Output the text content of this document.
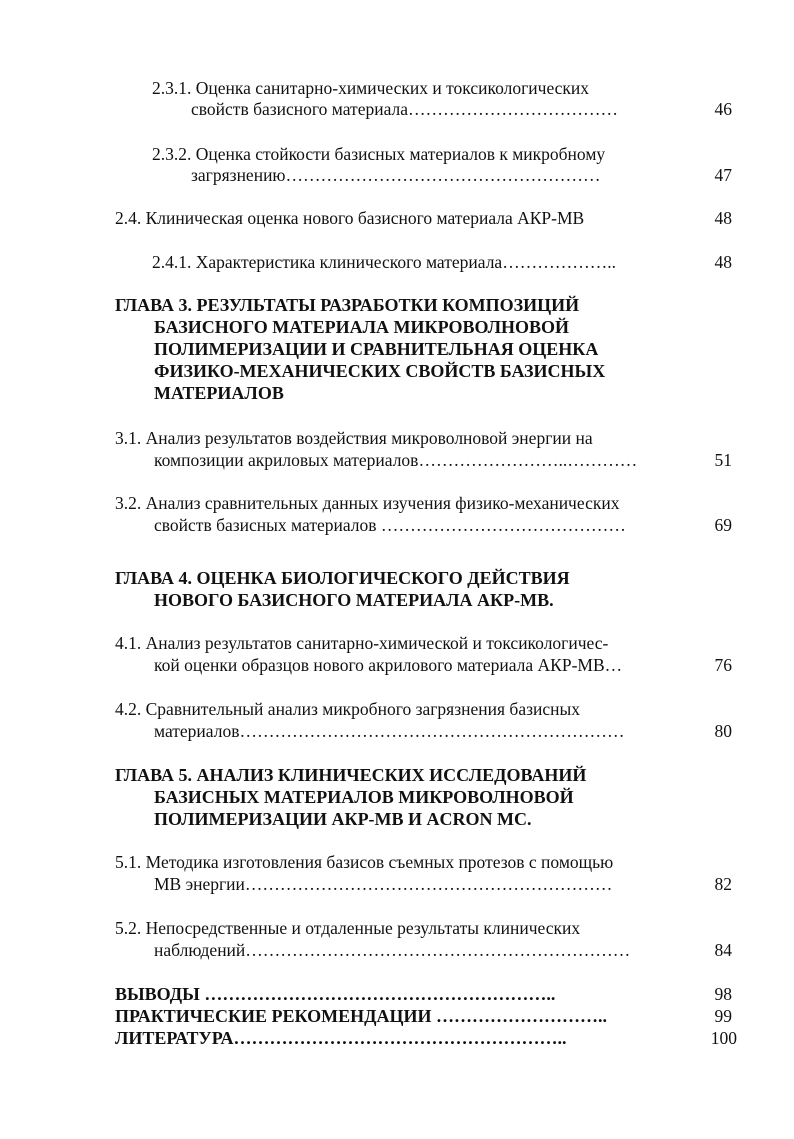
2.3.1. Оценка санитарно-химических и токсикологических
свойств базисного материала………………………………	46
2.3.2. Оценка стойкости базисных материалов к микробному
загрязнению………………………………………………	47
2.4. Клиническая оценка нового базисного материала АКР-МВ	48
2.4.1. Характеристика клинического материала………………..	48
ГЛАВА 3. РЕЗУЛЬТАТЫ РАЗРАБОТКИ КОМПОЗИЦИЙ
БАЗИСНОГО МАТЕРИАЛА МИКРОВОЛНОВОЙ
ПОЛИМЕРИЗАЦИИ И СРАВНИТЕЛЬНАЯ ОЦЕНКА
ФИЗИКО-МЕХАНИЧЕСКИХ СВОЙСТВ БАЗИСНЫХ
МАТЕРИАЛОВ
3.1. Анализ результатов воздействия микроволновой энергии на
композиции акриловых материалов……………………..…………	51
3.2. Анализ сравнительных данных изучения физико-механических
свойств базисных материалов ……………………………………	69
ГЛАВА 4. ОЦЕНКА БИОЛОГИЧЕСКОГО ДЕЙСТВИЯ
НОВОГО БАЗИСНОГО МАТЕРИАЛА АКР-МВ.
4.1. Анализ результатов санитарно-химической и токсикологичес-
кой оценки образцов нового акрилового материала АКР-МВ…	76
4.2. Сравнительный анализ микробного загрязнения базисных
материалов…………………………………………………………	80
ГЛАВА 5. АНАЛИЗ КЛИНИЧЕСКИХ ИССЛЕДОВАНИЙ
БАЗИСНЫХ МАТЕРИАЛОВ МИКРОВОЛНОВОЙ
ПОЛИМЕРИЗАЦИИ АКР-МВ И ACRON MC.
5.1. Методика изготовления базисов съемных протезов с помощью
МВ энергии………………………………………………………	82
5.2. Непосредственные и отдаленные результаты клинических
наблюдений…………………………………………………………	84
ВЫВОДЫ …………………………………………………..	98
ПРАКТИЧЕСКИЕ РЕКОМЕНДАЦИИ ………………………..	99
ЛИТЕРАТУРА………………………………………………..	100
